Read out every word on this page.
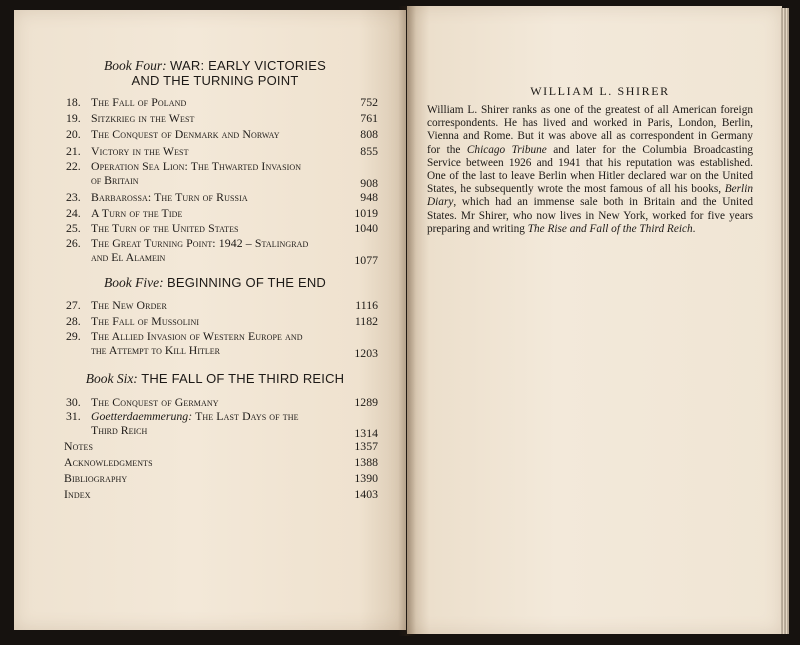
Book Four: WAR: EARLY VICTORIES
AND THE TURNING POINT
18. The Fall of Poland	752
19. Sitzkrieg in the West	761
20. The Conquest of Denmark and Norway	808
21. Victory in the West	855
22. Operation Sea Lion: The Thwarted Invasion
of Britain	908
23. Barbarossa: The Turn of Russia	948
24. A Turn of the Tide	1019
25. The Turn of the United States	1040
26. The Great Turning Point: 1942 – Stalingrad
and El Alamein	1077
Book Five: BEGINNING OF THE END
27. The New Order	1116
28. The Fall of Mussolini	1182
29. The Allied Invasion of Western Europe and
the Attempt to Kill Hitler	1203
Book Six: THE FALL OF THE THIRD REICH
30. The Conquest of Germany	1289
31. Goetterdaemmerung: The Last Days of the
Third Reich	1314
Notes	1357
Acknowledgments	1388
Bibliography	1390
Index	1403
WILLIAM L. SHIRER
William L. Shirer ranks as one of the greatest of all American foreign correspondents. He has lived and worked in Paris, London, Berlin, Vienna and Rome. But it was above all as correspondent in Germany for the Chicago Tribune and later for the Columbia Broadcasting Service between 1926 and 1941 that his reputation was established. One of the last to leave Berlin when Hitler declared war on the United States, he subsequently wrote the most famous of all his books, Berlin Diary, which had an immense sale both in Britain and the United States. Mr Shirer, who now lives in New York, worked for five years preparing and writing The Rise and Fall of the Third Reich.
